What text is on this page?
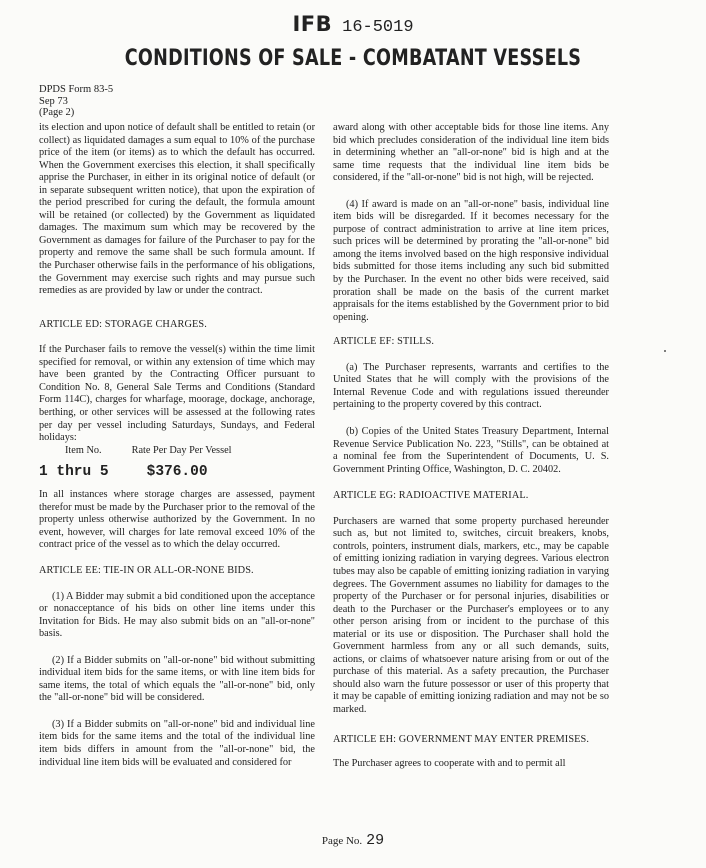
IFB 16-5019
CONDITIONS OF SALE - COMBATANT VESSELS
DPDS Form 83-5
Sep 73
(Page 2)

its election and upon notice of default shall be entitled to retain (or collect) as liquidated damages a sum equal to 10% of the purchase price of the item (or items) as to which the default has occurred. When the Government exercises this election, it shall specifically apprise the Purchaser, in either in its original notice of default (or in separate subsequent written notice), that upon the expiration of the period prescribed for curing the default, the formula amount will be retained (or collected) by the Government as liquidated damages. The maximum sum which may be recovered by the Government as damages for failure of the Purchaser to pay for the property and remove the same shall be such formula amount. If the Purchaser otherwise fails in the performance of his obligations, the Government may exercise such rights and may pursue such remedies as are provided by law or under the contract.

ARTICLE ED: STORAGE CHARGES.

If the Purchaser fails to remove the vessel(s) within the time limit specified for removal, or within any extension of time which may have been granted by the Contracting Officer pursuant to Condition No. 8, General Sale Terms and Conditions (Standard Form 114C), charges for wharfage, moorage, dockage, anchorage, berthing, or other services will be assessed at the following rates per day per vessel including Saturdays, Sundays, and Federal holidays:

Item No.	Rate Per Day Per Vessel
1 thru 5	$376.00

In all instances where storage charges are assessed, payment therefor must be made by the Purchaser prior to the removal of the property unless otherwise authorized by the Government. In no event, however, will charges for late removal exceed 10% of the contract price of the vessel as to which the delay occurred.

ARTICLE EE: TIE-IN OR ALL-OR-NONE BIDS.

(1) A Bidder may submit a bid conditioned upon the acceptance or nonacceptance of his bids on other line items under this Invitation for Bids. He may also submit bids on an "all-or-none" basis.

(2) If a Bidder submits on "all-or-none" bid without submitting individual item bids for the same items, or with line item bids for same items, the total of which equals the "all-or-none" bid, only the "all-or-none" bid will be considered.

(3) If a Bidder submits on "all-or-none" bid and individual line item bids for the same items and the total of the individual line item bids differs in amount from the "all-or-none" bid, the individual line item bids will be evaluated and considered for

award along with other acceptable bids for those line items. Any bid which precludes consideration of the individual line item bids in determining whether an "all-or-none" bid is high and at the same time requests that the individual line item bids be considered, if the "all-or-none" bid is not high, will be rejected.

(4) If award is made on an "all-or-none" basis, individual line item bids will be disregarded. If it becomes necessary for the purpose of contract administration to arrive at line item prices, such prices will be determined by prorating the "all-or-none" bid among the items involved based on the high responsive individual bids submitted for those items including any such bid submitted by the Purchaser. In the event no other bids were received, said proration shall be made on the basis of the current market appraisals for the items established by the Government prior to bid opening.

ARTICLE EF: STILLS.

(a) The Purchaser represents, warrants and certifies to the United States that he will comply with the provisions of the Internal Revenue Code and with regulations issued thereunder pertaining to the property covered by this contract.

(b) Copies of the United States Treasury Department, Internal Revenue Service Publication No. 223, "Stills", can be obtained at a nominal fee from the Superintendent of Documents, U. S. Government Printing Office, Washington, D. C. 20402.

ARTICLE EG: RADIOACTIVE MATERIAL.

Purchasers are warned that some property purchased hereunder such as, but not limited to, switches, circuit breakers, knobs, controls, pointers, instrument dials, markers, etc., may be capable of emitting ionizing radiation in varying degrees. Various electron tubes may also be capable of emitting ionizing radiation in varying degrees. The Government assumes no liability for damages to the property of the Purchaser or for personal injuries, disabilities or death to the Purchaser or the Purchaser's employees or to any other person arising from or incident to the purchase of this material or its use or disposition. The Purchaser shall hold the Government harmless from any or all such demands, suits, actions, or claims of whatsoever nature arising from or out of the purchase of this material. As a safety precaution, the Purchaser should also warn the future possessor or user of this property that it may be capable of emitting ionizing radiation and may not be so marked.

ARTICLE EH: GOVERNMENT MAY ENTER PREMISES.

The Purchaser agrees to cooperate with and to permit all

Page No. 29
